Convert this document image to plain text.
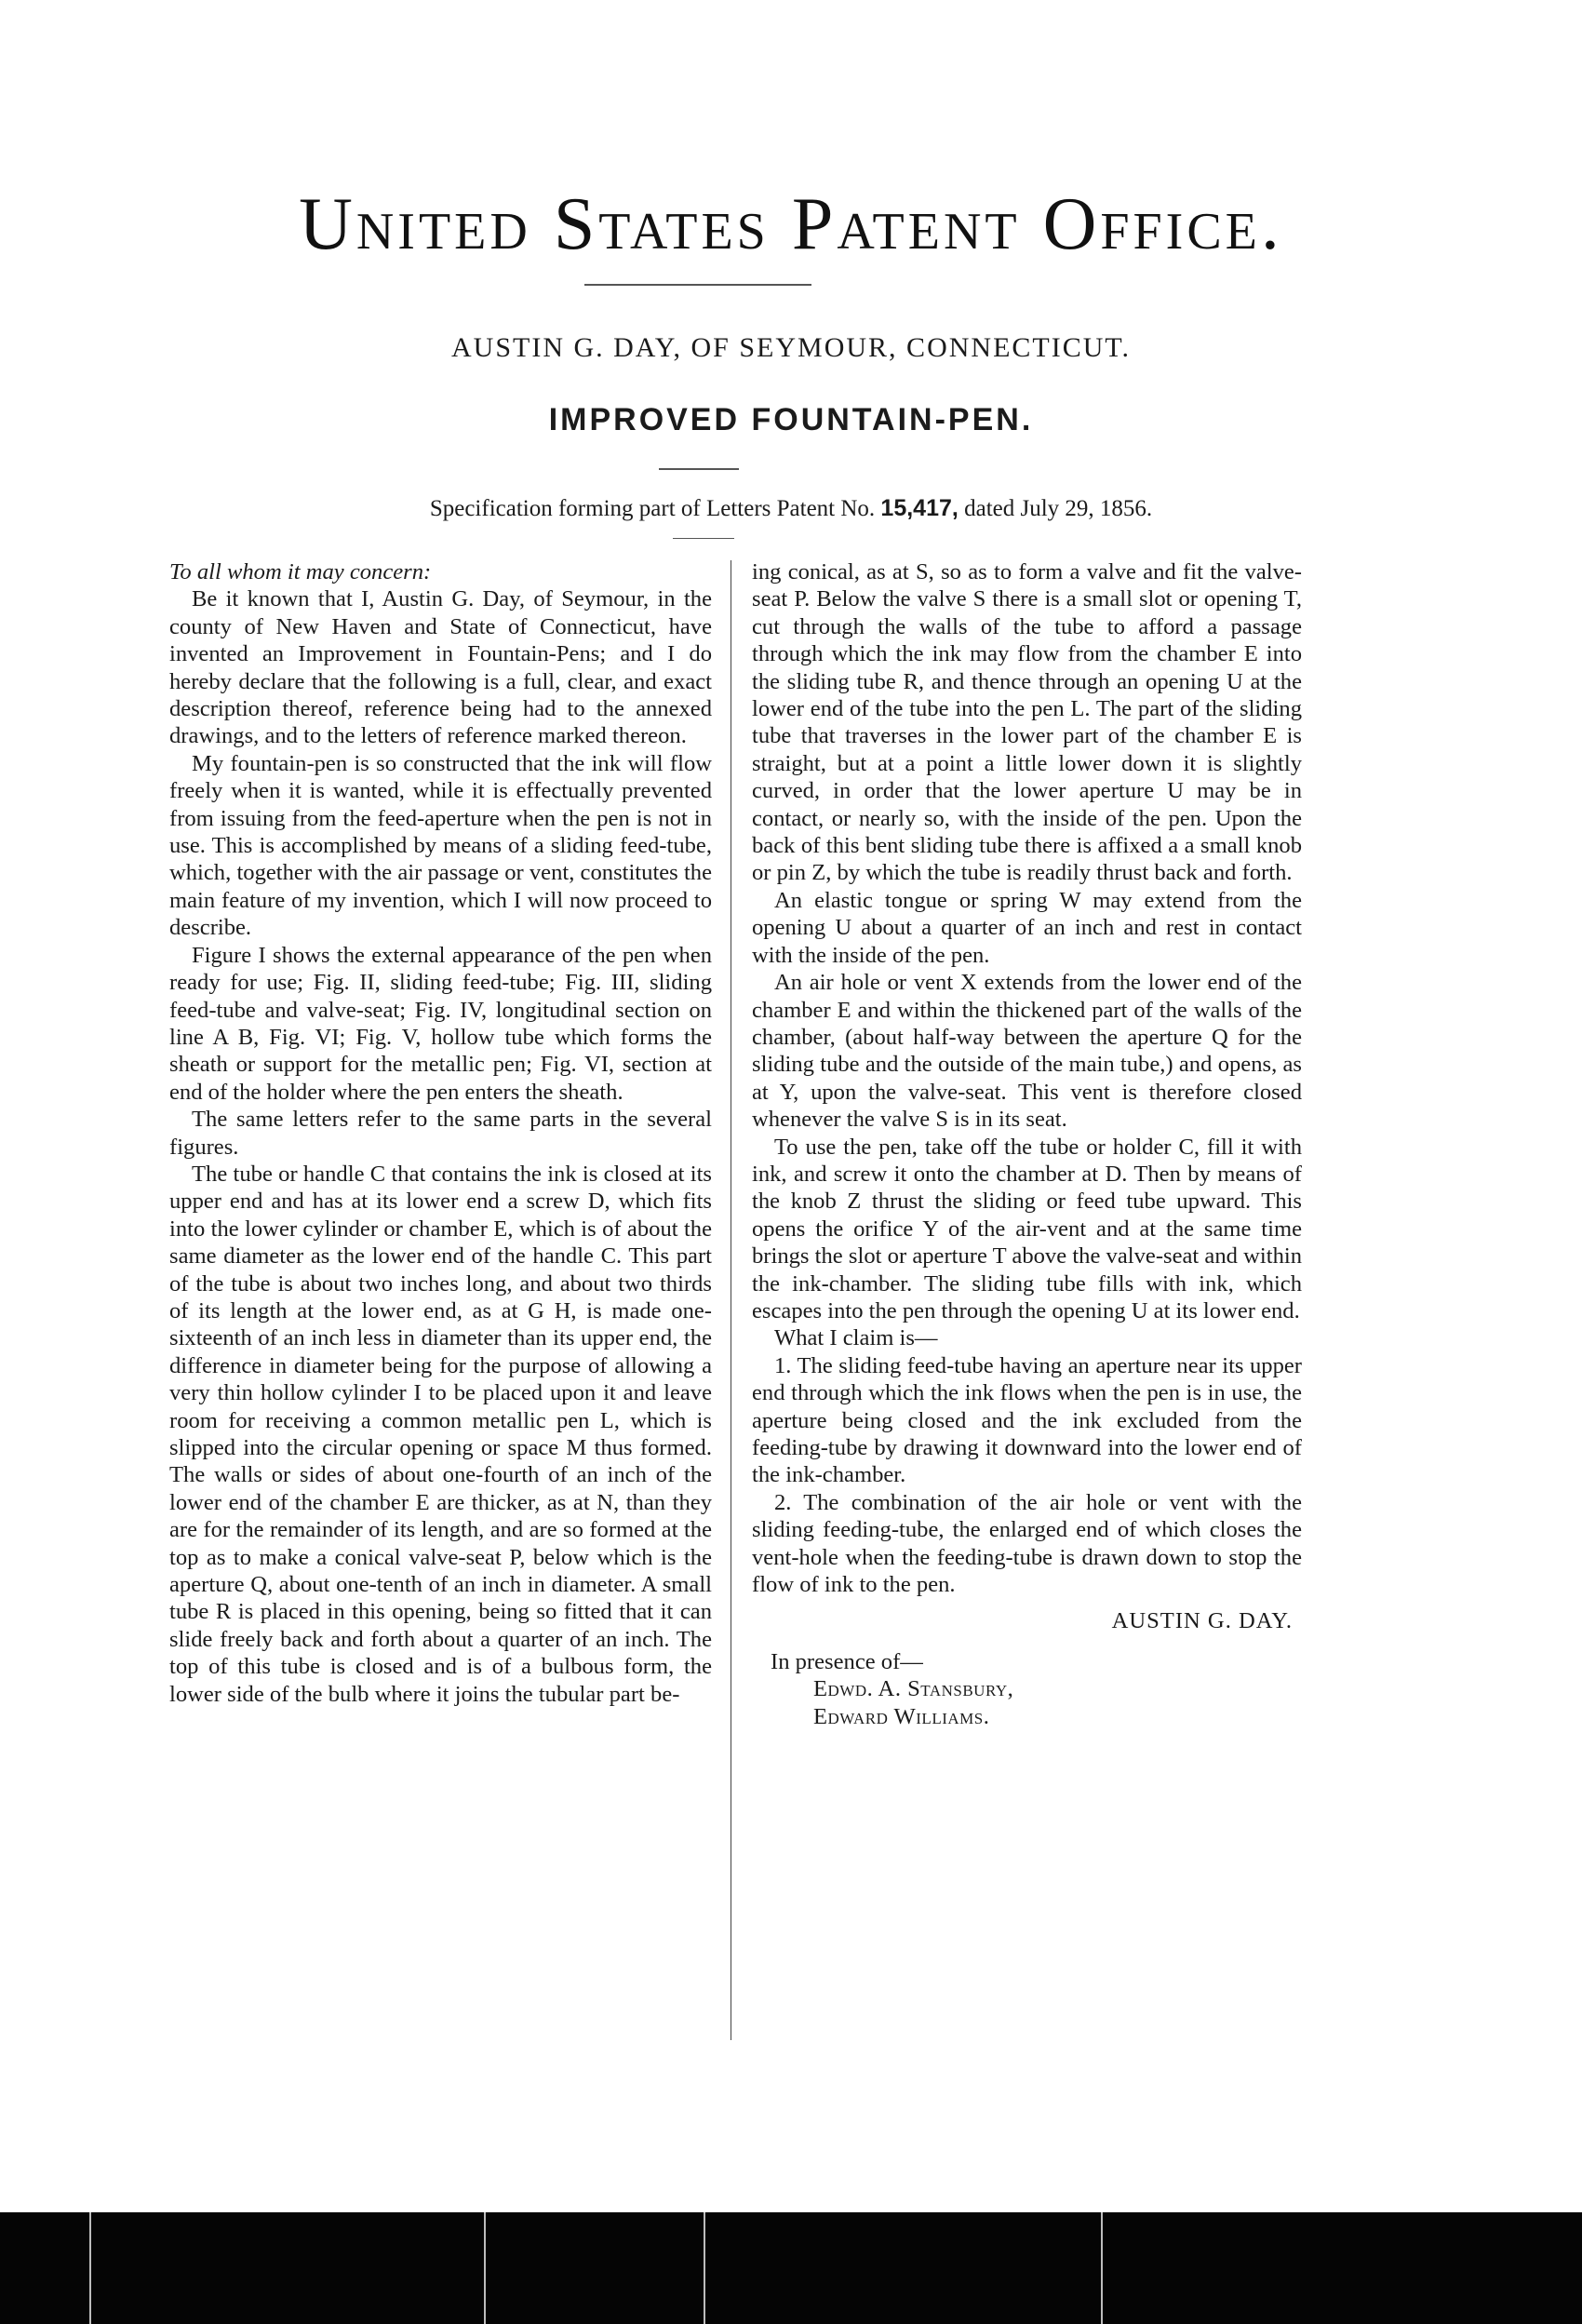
United States Patent Office.
AUSTIN G. DAY, OF SEYMOUR, CONNECTICUT.
IMPROVED FOUNTAIN-PEN.
Specification forming part of Letters Patent No. 15,417, dated July 29, 1856.

To all whom it may concern:

Be it known that I, Austin G. Day, of Seymour, in the county of New Haven and State of Connecticut, have invented an Improvement in Fountain-Pens; and I do hereby declare that the following is a full, clear, and exact description thereof, reference being had to the annexed drawings, and to the letters of reference marked thereon.

My fountain-pen is so constructed that the ink will flow freely when it is wanted, while it is effectually prevented from issuing from the feed-aperture when the pen is not in use. This is accomplished by means of a sliding feed-tube, which, together with the air passage or vent, constitutes the main feature of my invention, which I will now proceed to describe.

Figure I shows the external appearance of the pen when ready for use; Fig. II, sliding feed-tube; Fig. III, sliding feed-tube and valve-seat; Fig. IV, longitudinal section on line A B, Fig. VI; Fig. V, hollow tube which forms the sheath or support for the metallic pen; Fig. VI, section at end of the holder where the pen enters the sheath.

The same letters refer to the same parts in the several figures.

The tube or handle C that contains the ink is closed at its upper end and has at its lower end a screw D, which fits into the lower cylinder or chamber E, which is of about the same diameter as the lower end of the handle C. This part of the tube is about two inches long, and about two thirds of its length at the lower end, as at G H, is made one-sixteenth of an inch less in diameter than its upper end, the difference in diameter being for the purpose of allowing a very thin hollow cylinder I to be placed upon it and leave room for receiving a common metallic pen L, which is slipped into the circular opening or space M thus formed. The walls or sides of about one-fourth of an inch of the lower end of the chamber E are thicker, as at N, than they are for the remainder of its length, and are so formed at the top as to make a conical valve-seat P, below which is the aperture Q, about one-tenth of an inch in diameter. A small tube R is placed in this opening, being so fitted that it can slide freely back and forth about a quarter of an inch. The top of this tube is closed and is of a bulbous form, the lower side of the bulb where it joins the tubular part be-

ing conical, as at S, so as to form a valve and fit the valve-seat P. Below the valve S there is a small slot or opening T, cut through the walls of the tube to afford a passage through which the ink may flow from the chamber E into the sliding tube R, and thence through an opening U at the lower end of the tube into the pen L. The part of the sliding tube that traverses in the lower part of the chamber E is straight, but at a point a little lower down it is slightly curved, in order that the lower aperture U may be in contact, or nearly so, with the inside of the pen. Upon the back of this bent sliding tube there is affixed a a small knob or pin Z, by which the tube is readily thrust back and forth.

An elastic tongue or spring W may extend from the opening U about a quarter of an inch and rest in contact with the inside of the pen.

An air hole or vent X extends from the lower end of the chamber E and within the thickened part of the walls of the chamber, (about half-way between the aperture Q for the sliding tube and the outside of the main tube,) and opens, as at Y, upon the valve-seat. This vent is therefore closed whenever the valve S is in its seat.

To use the pen, take off the tube or holder C, fill it with ink, and screw it onto the chamber at D. Then by means of the knob Z thrust the sliding or feed tube upward. This opens the orifice Y of the air-vent and at the same time brings the slot or aperture T above the valve-seat and within the ink-chamber. The sliding tube fills with ink, which escapes into the pen through the opening U at its lower end.

What I claim is—

1. The sliding feed-tube having an aperture near its upper end through which the ink flows when the pen is in use, the aperture being closed and the ink excluded from the feeding-tube by drawing it downward into the lower end of the ink-chamber.

2. The combination of the air hole or vent with the sliding feeding-tube, the enlarged end of which closes the vent-hole when the feeding-tube is drawn down to stop the flow of ink to the pen.

AUSTIN G. DAY.

In presence of—

Edwd. A. Stansbury,

Edward Williams.
